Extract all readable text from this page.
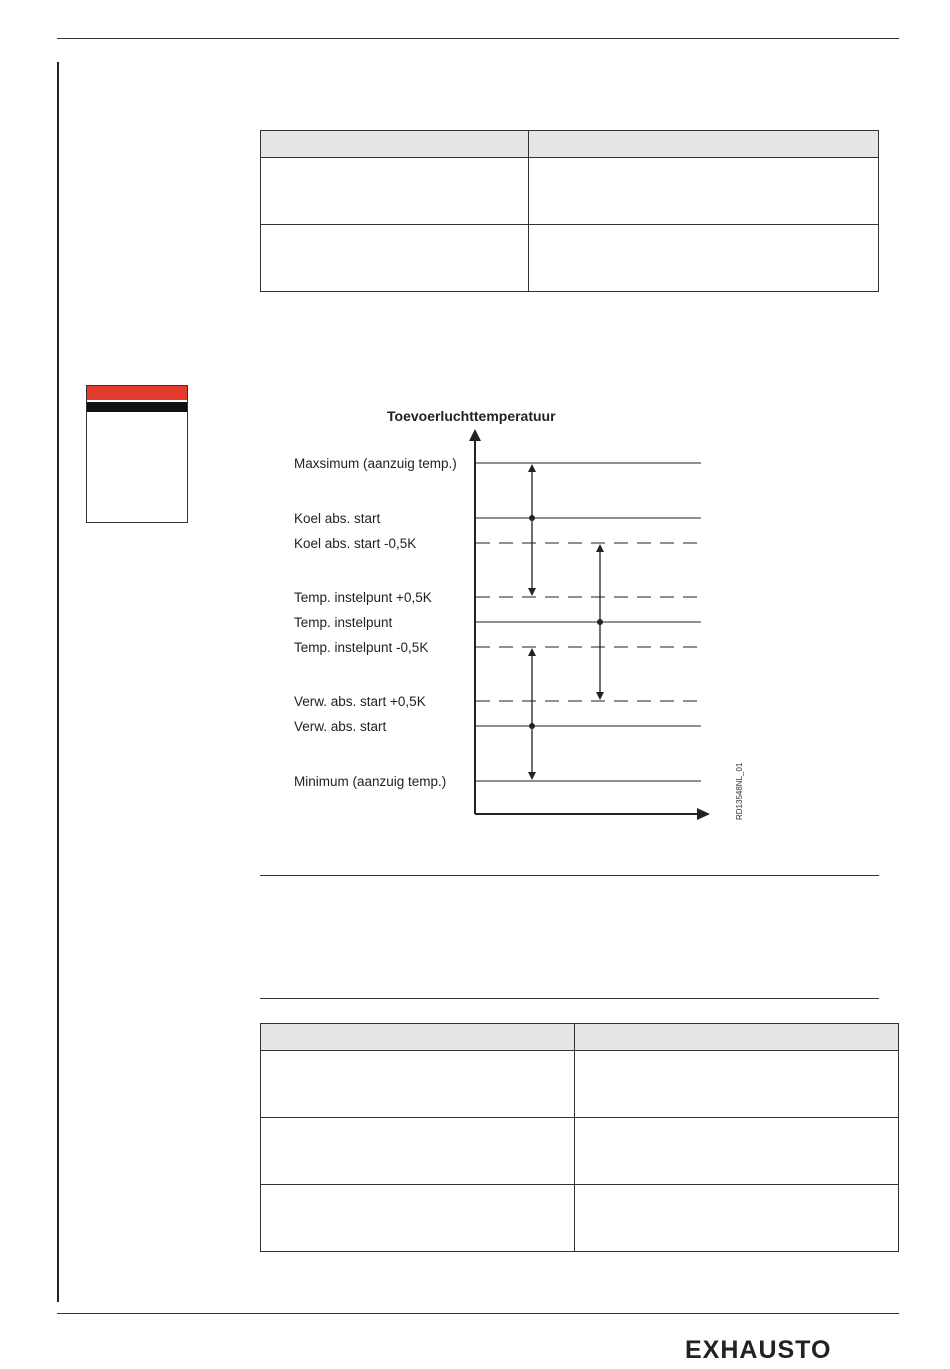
Toevoerluchttemperatuur
Maxsimum (aanzuig temp.)
Koel abs. start
Koel abs. start -0,5K
Temp. instelpunt +0,5K
Temp. instelpunt
Temp. instelpunt -0,5K
Verw. abs. start +0,5K
Verw. abs. start
Minimum (aanzuig temp.)	RD13548NL_01

EXHAUSTO
